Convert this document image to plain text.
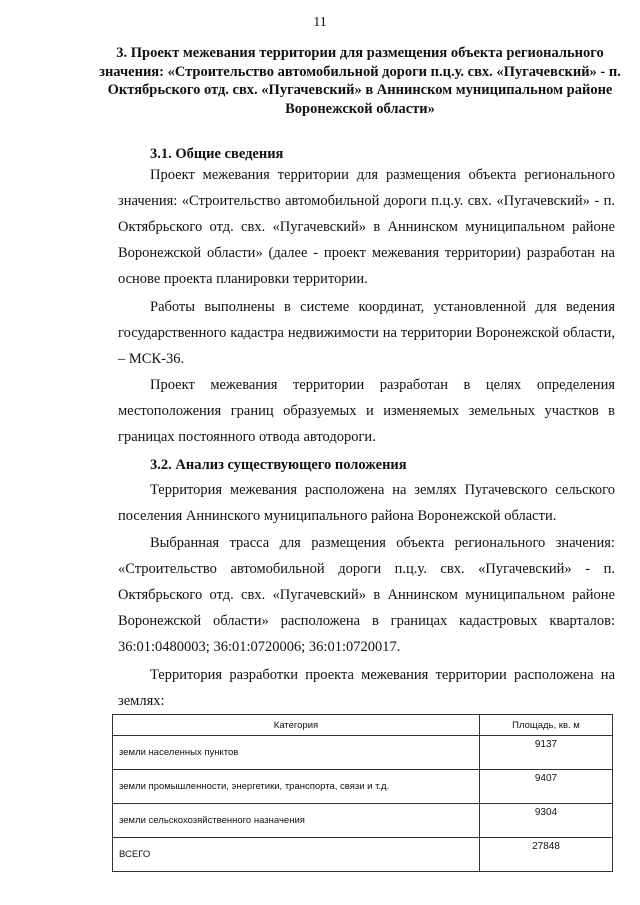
11
3. Проект межевания территории для размещения объекта регионального значения: «Строительство автомобильной дороги п.ц.у. свх. «Пугачевский» - п. Октябрьского отд. свх. «Пугачевский» в Аннинском муниципальном районе Воронежской области»
3.1. Общие сведения

Проект межевания территории для размещения объекта регионального значения: «Строительство автомобильной дороги п.ц.у. свх. «Пугачевский» - п. Октябрьского отд. свх. «Пугачевский» в Аннинском муниципальном районе Воронежской области» (далее - проект межевания территории) разработан на основе проекта планировки территории.

Работы выполнены в системе координат, установленной для ведения государственного кадастра недвижимости на территории Воронежской области, – МСК-36.

Проект межевания территории разработан в целях определения местоположения границ образуемых и изменяемых земельных участков в границах постоянного отвода автодороги.

3.2. Анализ существующего положения

Территория межевания расположена на землях Пугачевского сельского поселения Аннинского муниципального района Воронежской области.

Выбранная трасса для размещения объекта регионального значения: «Строительство автомобильной дороги п.ц.у. свх. «Пугачевский» - п. Октябрьского отд. свх. «Пугачевский» в Аннинском муниципальном районе Воронежской области» расположена в границах кадастровых кварталов: 36:01:0480003; 36:01:0720006; 36:01:0720017.

Территория разработки проекта межевания территории расположена на землях:

Категория	Площадь, кв. м
земли населенных пунктов	9137
земли промышленности, энергетики, транспорта, связи и т.д.	9407
земли сельскохозяйственного назначения	9304
ВСЕГО	27848
